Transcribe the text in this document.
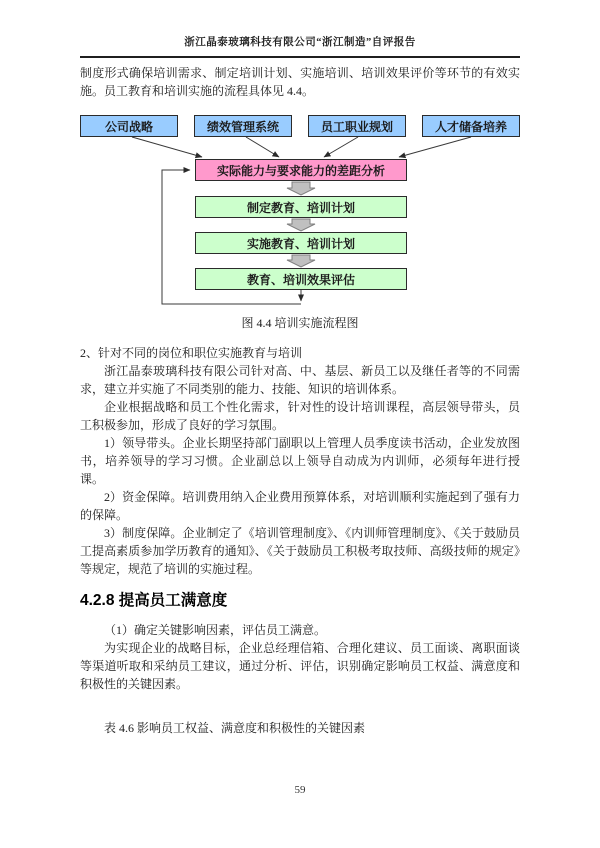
浙江晶泰玻璃科技有限公司“浙江制造”自评报告

制度形式确保培训需求、制定培训计划、实施培训、培训效果评价等环节的有效实施。员工教育和培训实施的流程具体见 4.4。

公司战略	绩效管理系统	员工职业规划	人才储备培养
实际能力与要求能力的差距分析
制定教育、培训计划
实施教育、培训计划
教育、培训效果评估

图 4.4 培训实施流程图

2、针对不同的岗位和职位实施教育与培训

浙江晶泰玻璃科技有限公司针对高、中、基层、新员工以及继任者等的不同需求，建立并实施了不同类别的能力、技能、知识的培训体系。

企业根据战略和员工个性化需求，针对性的设计培训课程，高层领导带头，员工积极参加，形成了良好的学习氛围。

1）领导带头。企业长期坚持部门副职以上管理人员季度读书活动，企业发放图书，培养领导的学习习惯。企业副总以上领导自动成为内训师，必须每年进行授课。

2）资金保障。培训费用纳入企业费用预算体系，对培训顺利实施起到了强有力的保障。

3）制度保障。企业制定了《培训管理制度》、《内训师管理制度》、《关于鼓励员工提高素质参加学历教育的通知》、《关于鼓励员工积极考取技师、高级技师的规定》等规定，规范了培训的实施过程。

4.2.8 提高员工满意度

（1）确定关键影响因素，评估员工满意。

为实现企业的战略目标，企业总经理信箱、合理化建议、员工面谈、离职面谈等渠道听取和采纳员工建议，通过分析、评估，识别确定影响员工权益、满意度和积极性的关键因素。

表 4.6 影响员工权益、满意度和积极性的关键因素

59
